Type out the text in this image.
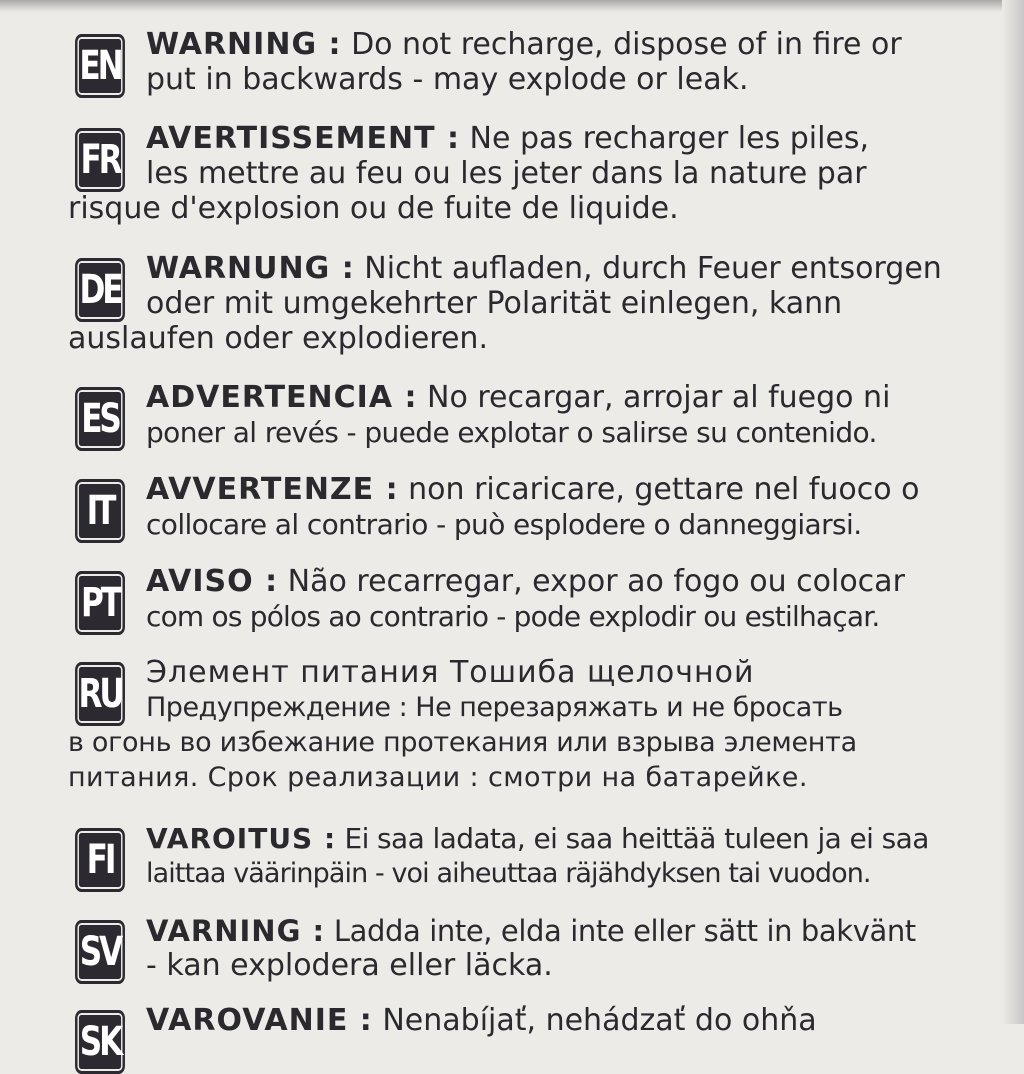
EN WARNING : Do not recharge, dispose of in fire or
put in backwards - may explode or leak.
FR AVERTISSEMENT : Ne pas recharger les piles,
les mettre au feu ou les jeter dans la nature par
risque d'explosion ou de fuite de liquide.
DE WARNUNG : Nicht aufladen, durch Feuer entsorgen
oder mit umgekehrter Polarität einlegen, kann
auslaufen oder explodieren.
ES ADVERTENCIA : No recargar, arrojar al fuego ni
poner al revés - puede explotar o salirse su contenido.
IT	AVVERTENZE : non ricaricare, gettare nel fuoco o
collocare al contrario - può esplodere o danneggiarsi.
PT AVISO : Não recarregar, expor ao fogo ou colocar
com os pólos ao contrario - pode explodir ou estilhaçar.
RU Элемент питания Тошиба щелочной
Предупреждение : Не перезаряжать и не бросать
в огонь во избежание протекания или взрыва элемента
питания. Срок реализации : смотри на батарейке.
FI	VAROITUS : Ei saa ladata, ei saa heittää tuleen ja ei saa
laittaa väärinpäin - voi aiheuttaa räjähdyksen tai vuodon.
SV VARNING : Ladda inte, elda inte eller sätt in bakvänt
- kan explodera eller läcka.
SK VAROVANIE : Nenabíjať, nehádzať do ohňa
